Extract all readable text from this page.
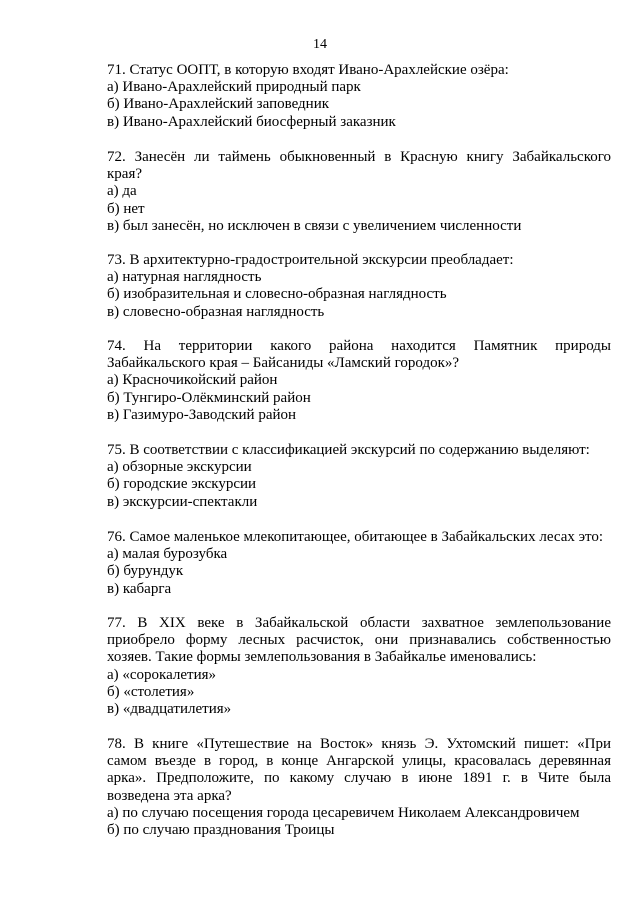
14
71. Статус ООПТ, в которую входят Ивано-Арахлейские озёра:
а) Ивано-Арахлейский природный парк
б) Ивано-Арахлейский заповедник
в) Ивано-Арахлейский биосферный заказник
72. Занесён ли таймень обыкновенный в Красную книгу Забайкальского
края?
а) да
б) нет
в) был занесён, но исключен в связи с увеличением численности
73. В архитектурно-градостроительной экскурсии преобладает:
а) натурная наглядность
б) изобразительная и словесно-образная наглядность
в) словесно-образная наглядность
74. На территории какого района находится Памятник природы
Забайкальского края – Байсаниды «Ламский городок»?
а) Красночикойский район
б) Тунгиро-Олёкминский район
в) Газимуро-Заводский район
75. В соответствии с классификацией экскурсий по содержанию выделяют:
а) обзорные экскурсии
б) городские экскурсии
в) экскурсии-спектакли
76. Самое маленькое млекопитающее, обитающее в Забайкальских лесах это:
а) малая бурозубка
б) бурундук
в) кабарга
77. В XIX веке в Забайкальской области захватное землепользование
приобрело форму лесных расчисток, они признавались собственностью
хозяев. Такие формы землепользования в Забайкалье именовались:
а) «сорокалетия»
б) «столетия»
в) «двадцатилетия»
78. В книге «Путешествие на Восток» князь Э. Ухтомский пишет: «При
самом въезде в город, в конце Ангарской улицы, красовалась деревянная
арка». Предположите, по какому случаю в июне 1891 г. в Чите была
возведена эта арка?
а) по случаю посещения города цесаревичем Николаем Александровичем
б) по случаю празднования Троицы
